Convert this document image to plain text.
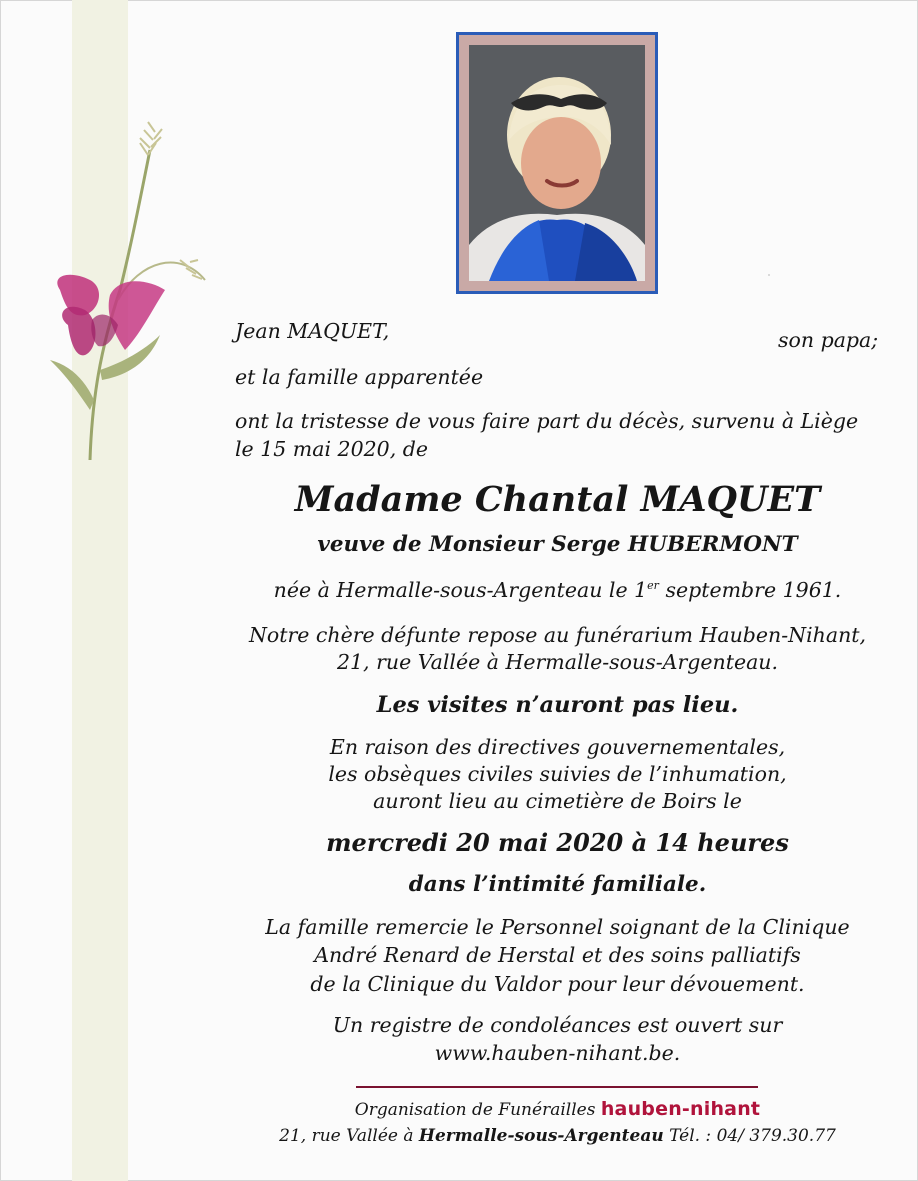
Jean MAQUET,	son papa;
et la famille apparentée
ont la tristesse de vous faire part du décès, survenu à Liège
le 15 mai 2020, de
Madame Chantal MAQUET
veuve de Monsieur Serge HUBERMONT
née à Hermalle-sous-Argenteau le 1er septembre 1961.
Notre chère défunte repose au funérarium Hauben-Nihant,
21, rue Vallée à Hermalle-sous-Argenteau.
Les visites n’auront pas lieu.
En raison des directives gouvernementales,
les obsèques civiles suivies de l’inhumation,
auront lieu au cimetière de Boirs le
mercredi 20 mai 2020 à 14 heures
dans l’intimité familiale.
La famille remercie le Personnel soignant de la Clinique
André Renard de Herstal et des soins palliatifs
de la Clinique du Valdor pour leur dévouement.
Un registre de condoléances est ouvert sur
www.hauben-nihant.be.
Organisation de Funérailles hauben-nihant
21, rue Vallée à Hermalle-sous-Argenteau Tél. : 04/ 379.30.77
